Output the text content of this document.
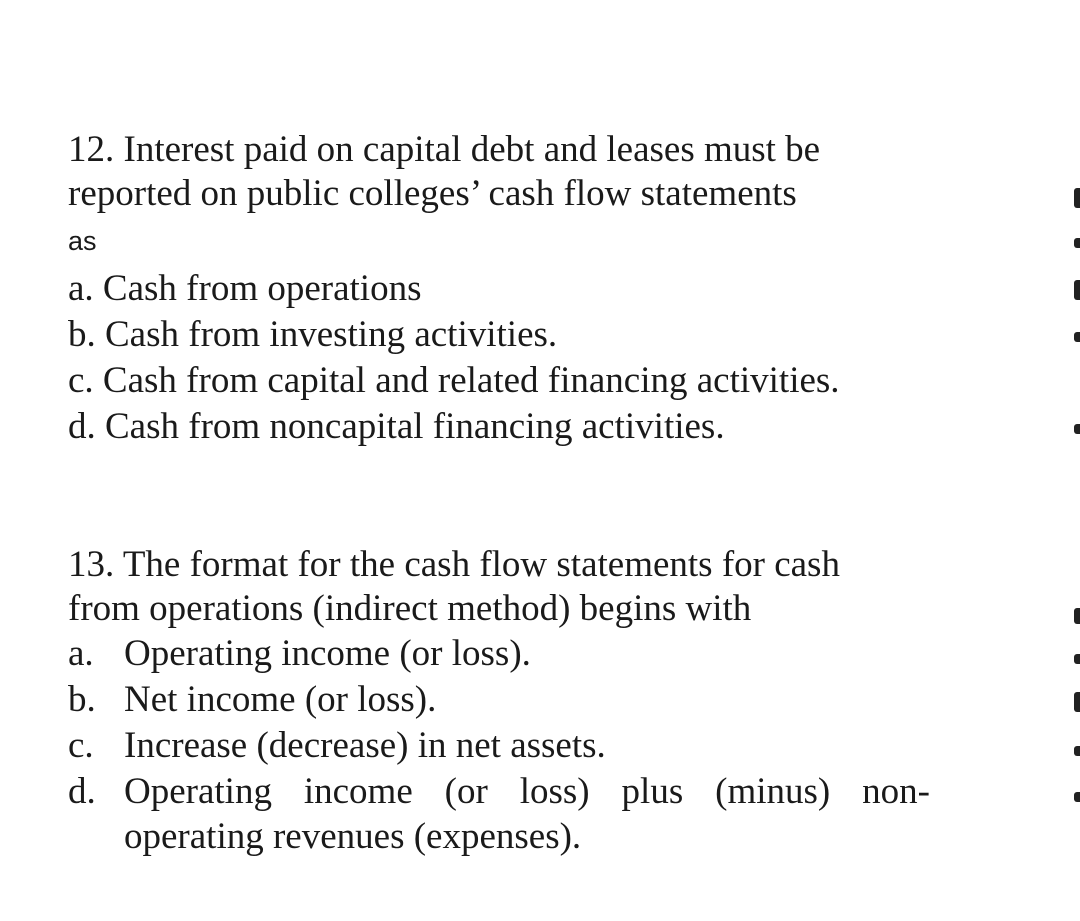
12. Interest paid on capital debt and leases must be
reported on public colleges’ cash flow statements
as
a. Cash from operations
b. Cash from investing activities.
c. Cash from capital and related financing activities.
d. Cash from noncapital financing activities.
13. The format for the cash flow statements for cash
from operations (indirect method) begins with
a. Operating income (or loss).
b. Net income (or loss).
c. Increase (decrease) in net assets.
d. Operating income (or loss) plus (minus) non-
operating revenues (expenses).
